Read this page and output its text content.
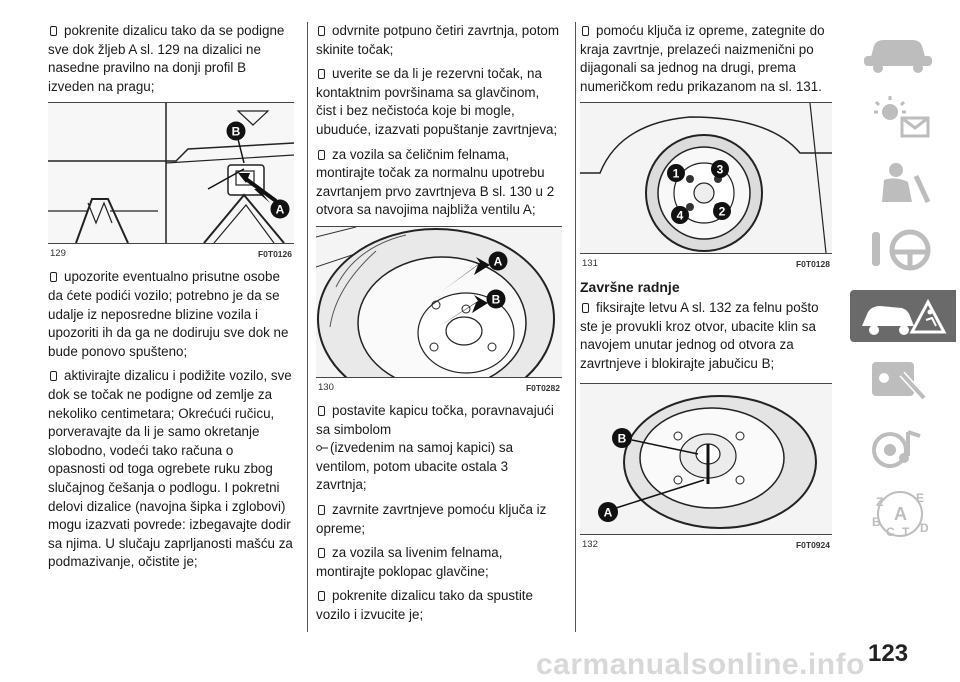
pokrenite dizalicu tako da se podigne sve dok žljeb A sl. 129 na dizalici ne nasedne pravilno na donji profil B izveden na pragu;

B
A
129	F0T0126

upozorite eventualno prisutne osobe da ćete podići vozilo; potrebno je da se udalje iz neposredne blizine vozila i upozoriti ih da ga ne dodiruju sve dok ne bude ponovo spušteno;

aktivirajte dizalicu i podižite vozilo, sve dok se točak ne podigne od zemlje za nekoliko centimetara; Okrećući ručicu, porveravajte da li je samo okretanje slobodno, vodeći tako računa o opasnosti od toga ogrebete ruku zbog slučajnog češanja o podlogu. I pokretni delovi dizalice (navojna šipka i zglobovi) mogu izazvati povrede: izbegavajte dodir sa njima. U slučaju zaprljanosti mašću za podmazivanje, očistite je;

odvrnite potpuno četiri zavrtnja, potom skinite točak;

uverite se da li je rezervni točak, na kontaktnim površinama sa glavčinom, čist i bez nečistoća koje bi mogle, ubuduće, izazvati popuštanje zavrtnjeva;

za vozila sa čeličnim felnama, montirajte točak za normalnu upotrebu zavrtanjem prvo zavrtnjeva B sl. 130 u 2 otvora sa navojima najbliža ventilu A;

A
B
130	F0T0282

postavite kapicu točka, poravnavajući sa simbolom
(izvedenim na samoj kapici) sa ventilom, potom ubacite ostala 3 zavrtnja;

zavrnite zavrtnjeve pomoću ključa iz opreme;

za vozila sa livenim felnama, montirajte poklopac glavčine;

pokrenite dizalicu tako da spustite vozilo i izvucite je;

pomoću ključa iz opreme, zategnite do kraja zavrtnje, prelazeći naizmenični po dijagonali sa jednog na drugi, prema numeričkom redu prikazanom na sl. 131.

1
2
3
4
131	F0T0128
Završne radnje

fiksirajte letvu A sl. 132 za felnu pošto ste je provukli kroz otvor, ubacite klin sa navojem unutar jednog od otvora za zavrtnjeve i blokirajte jabučicu B;

B
A
132	F0T0924
Z	E
A
B
C T D
carmanualsonline.info 123
